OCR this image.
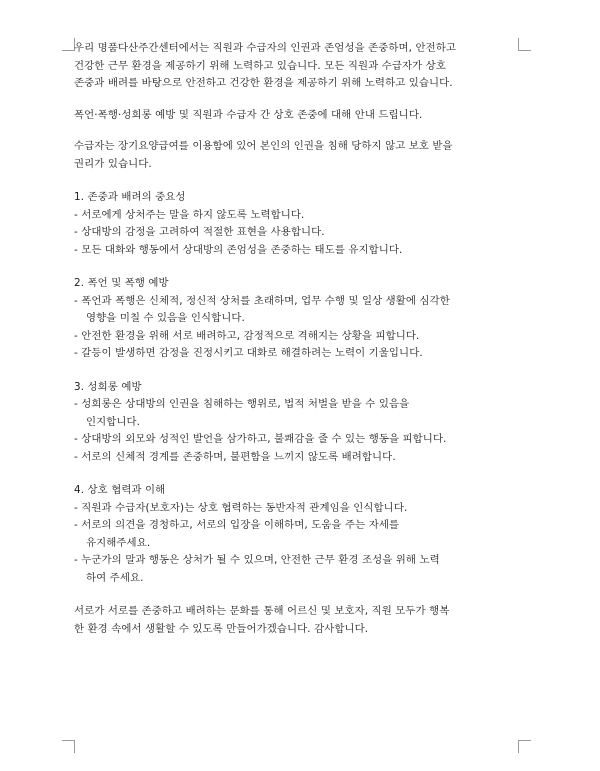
우리 명품다산주간센터에서는 직원과 수급자의 인권과 존엄성을 존중하며, 안전하고
건강한 근무 환경을 제공하기 위해 노력하고 있습니다. 모든 직원과 수급자가 상호
존중과 배려를 바탕으로 안전하고 건강한 환경을 제공하기 위해 노력하고 있습니다.
폭언·폭행·성희롱 예방 및 직원과 수급자 간 상호 존중에 대해 안내 드립니다.
수급자는 장기요양급여를 이용함에 있어 본인의 인권을 침해 당하지 않고 보호 받을
권리가 있습니다.
1. 존중과 배려의 중요성
- 서로에게 상처주는 말을 하지 않도록 노력합니다.
- 상대방의 감정을 고려하여 적절한 표현을 사용합니다.
- 모든 대화와 행동에서 상대방의 존엄성을 존중하는 태도를 유지합니다.
2. 폭언 및 폭행 예방
- 폭언과 폭행은 신체적, 정신적 상처를 초래하며, 업무 수행 및 일상 생활에 심각한
영향을 미칠 수 있음을 인식합니다.
- 안전한 환경을 위해 서로 배려하고, 감정적으로 격해지는 상황을 피합니다.
- 갈등이 발생하면 감정을 진정시키고 대화로 해결하려는 노력이 기울입니다.
3. 성희롱 예방
- 성희롱은 상대방의 인권을 침해하는 행위로, 법적 처벌을 받을 수 있음을
인지합니다.
- 상대방의 외모와 성적인 발언을 삼가하고, 불쾌감을 줄 수 있는 행동을 피합니다.
- 서로의 신체적 경계를 존중하며, 불편함을 느끼지 않도록 배려합니다.
4. 상호 협력과 이해
- 직원과 수급자(보호자)는 상호 협력하는 동반자적 관계임을 인식합니다.
- 서로의 의견을 경청하고, 서로의 입장을 이해하며, 도움을 주는 자세를
유지해주세요.
- 누군가의 말과 행동은 상처가 될 수 있으며, 안전한 근무 환경 조성을 위해 노력
하여 주세요.
서로가 서로를 존중하고 배려하는 문화를 통해 어르신 및 보호자, 직원 모두가 행복
한 환경 속에서 생활할 수 있도록 만들어가겠습니다. 감사합니다.
